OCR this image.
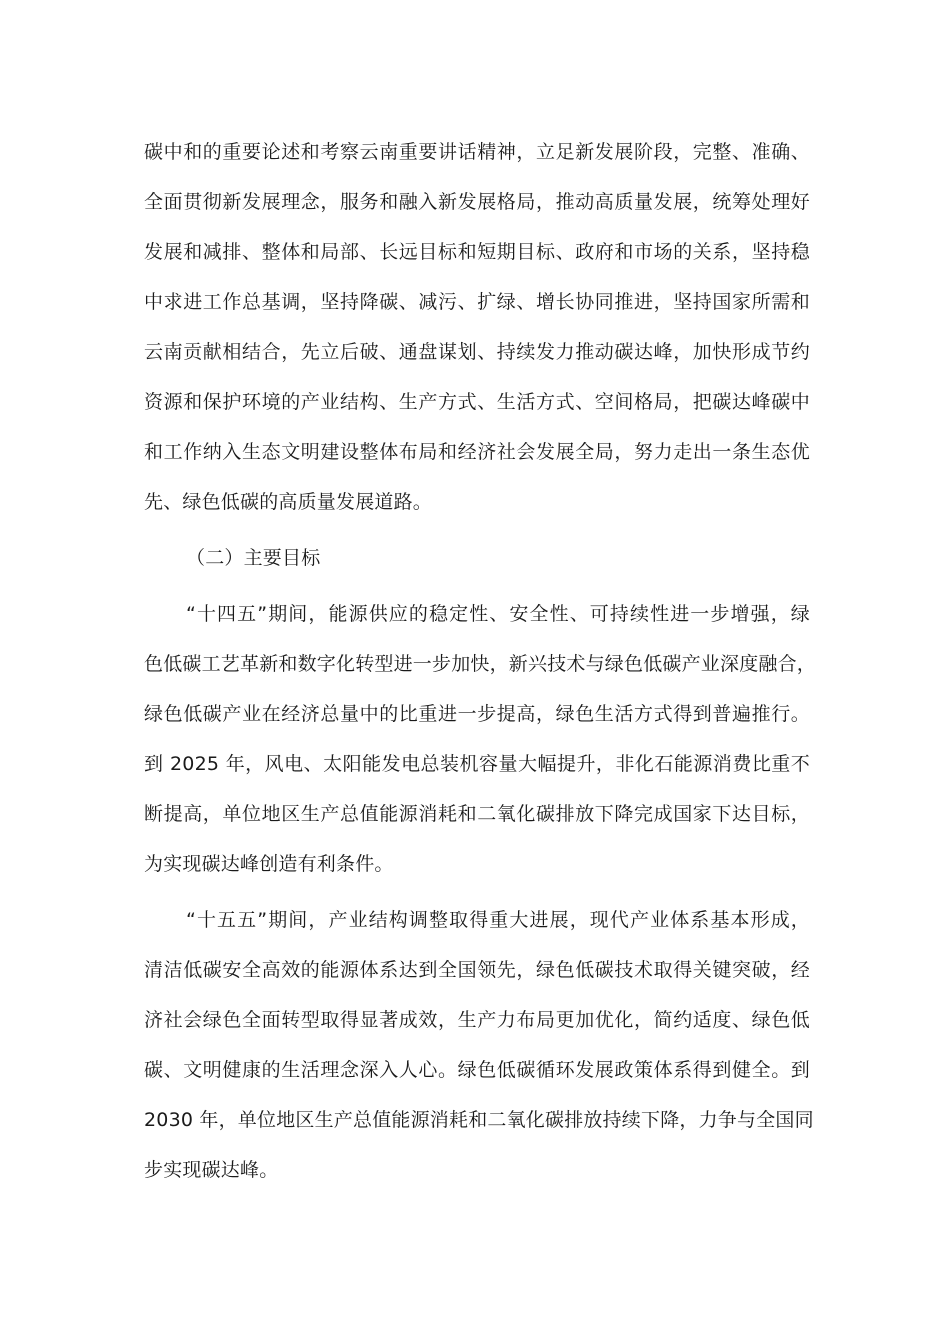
碳中和的重要论述和考察云南重要讲话精神，立足新发展阶段，完整、准确、
全面贯彻新发展理念，服务和融入新发展格局，推动高质量发展，统筹处理好
发展和减排、整体和局部、长远目标和短期目标、政府和市场的关系，坚持稳
中求进工作总基调，坚持降碳、减污、扩绿、增长协同推进，坚持国家所需和
云南贡献相结合，先立后破、通盘谋划、持续发力推动碳达峰，加快形成节约
资源和保护环境的产业结构、生产方式、生活方式、空间格局，把碳达峰碳中
和工作纳入生态文明建设整体布局和经济社会发展全局，努力走出一条生态优
先、绿色低碳的高质量发展道路。
（二）主要目标
“十四五”期间，能源供应的稳定性、安全性、可持续性进一步增强，绿
色低碳工艺革新和数字化转型进一步加快，新兴技术与绿色低碳产业深度融合，
绿色低碳产业在经济总量中的比重进一步提高，绿色生活方式得到普遍推行。
到 2025 年，风电、太阳能发电总装机容量大幅提升，非化石能源消费比重不
断提高，单位地区生产总值能源消耗和二氧化碳排放下降完成国家下达目标，
为实现碳达峰创造有利条件。
“十五五”期间，产业结构调整取得重大进展，现代产业体系基本形成，
清洁低碳安全高效的能源体系达到全国领先，绿色低碳技术取得关键突破，经
济社会绿色全面转型取得显著成效，生产力布局更加优化，简约适度、绿色低
碳、文明健康的生活理念深入人心。绿色低碳循环发展政策体系得到健全。到
2030 年，单位地区生产总值能源消耗和二氧化碳排放持续下降，力争与全国同
步实现碳达峰。
